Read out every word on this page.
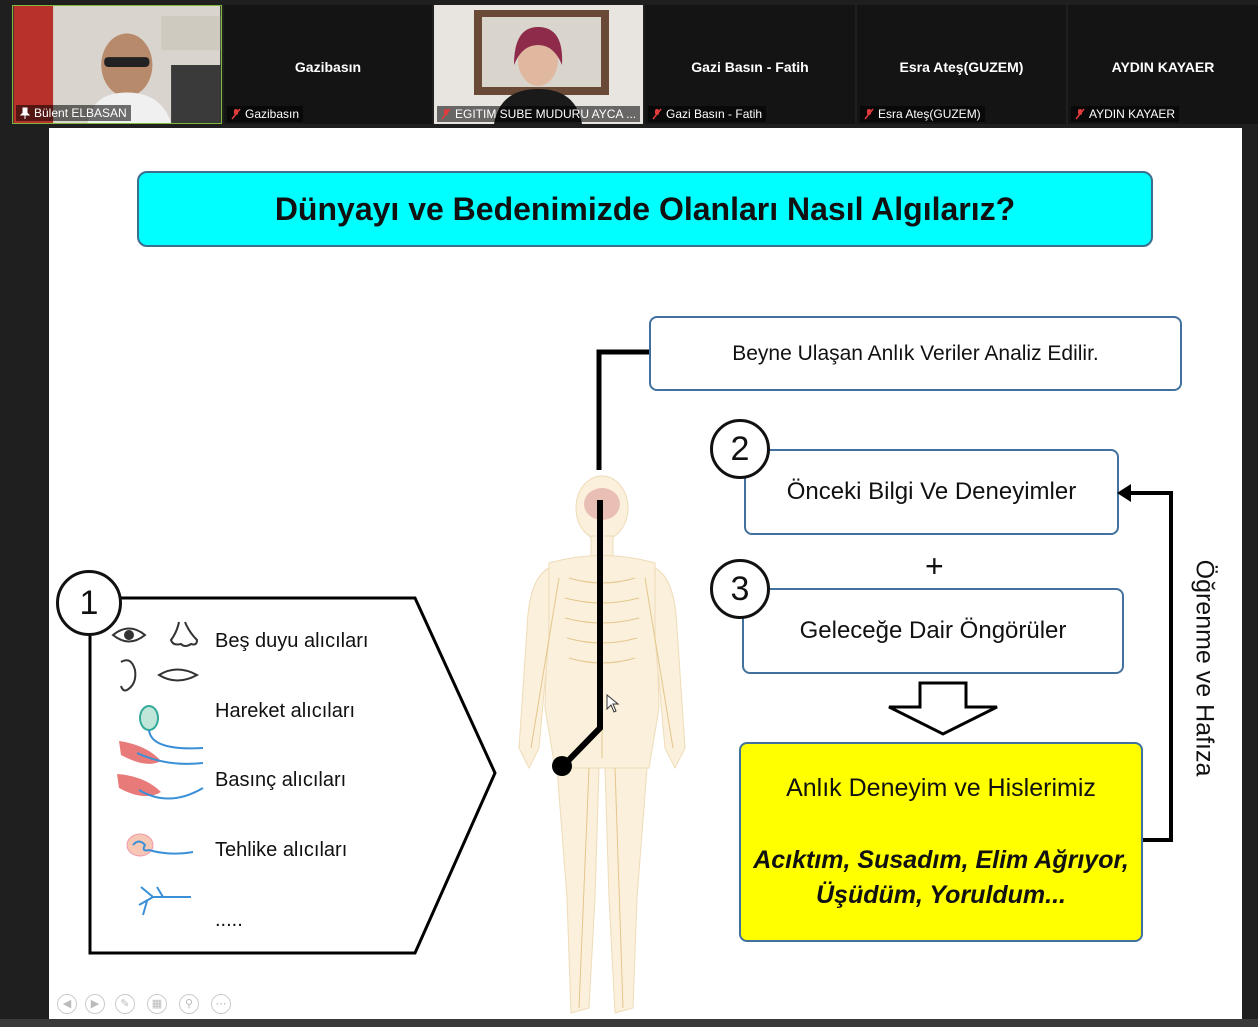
Bülent ELBASAN
Gazibasın
Gazibasın	EGITIM SUBE MUDURU AYCA ...
Gazi Basın - Fatih
Gazi Basın - Fatih
Esra Ateş(GUZEM)
Esra Ateş(GUZEM)
AYDIN KAYAER
AYDIN KAYAER
Dünyayı ve Bedenimizde Olanları Nasıl Algılarız?
Beyne Ulaşan Anlık Veriler Analiz Edilir.
Önceki Bilgi Ve Deneyimler
2
+
Geleceğe Dair Öngörüler
3
Anlık Deneyim ve Hislerimiz
Acıktım, Susadım, Elim Ağrıyor,
Üşüdüm, Yoruldum...
Öğrenme ve Hafıza
1
Beş duyu alıcıları
Hareket alıcıları
Basınç alıcıları
Tehlike alıcıları
.....
◀	▶	✎	▦	⚲	⋯
